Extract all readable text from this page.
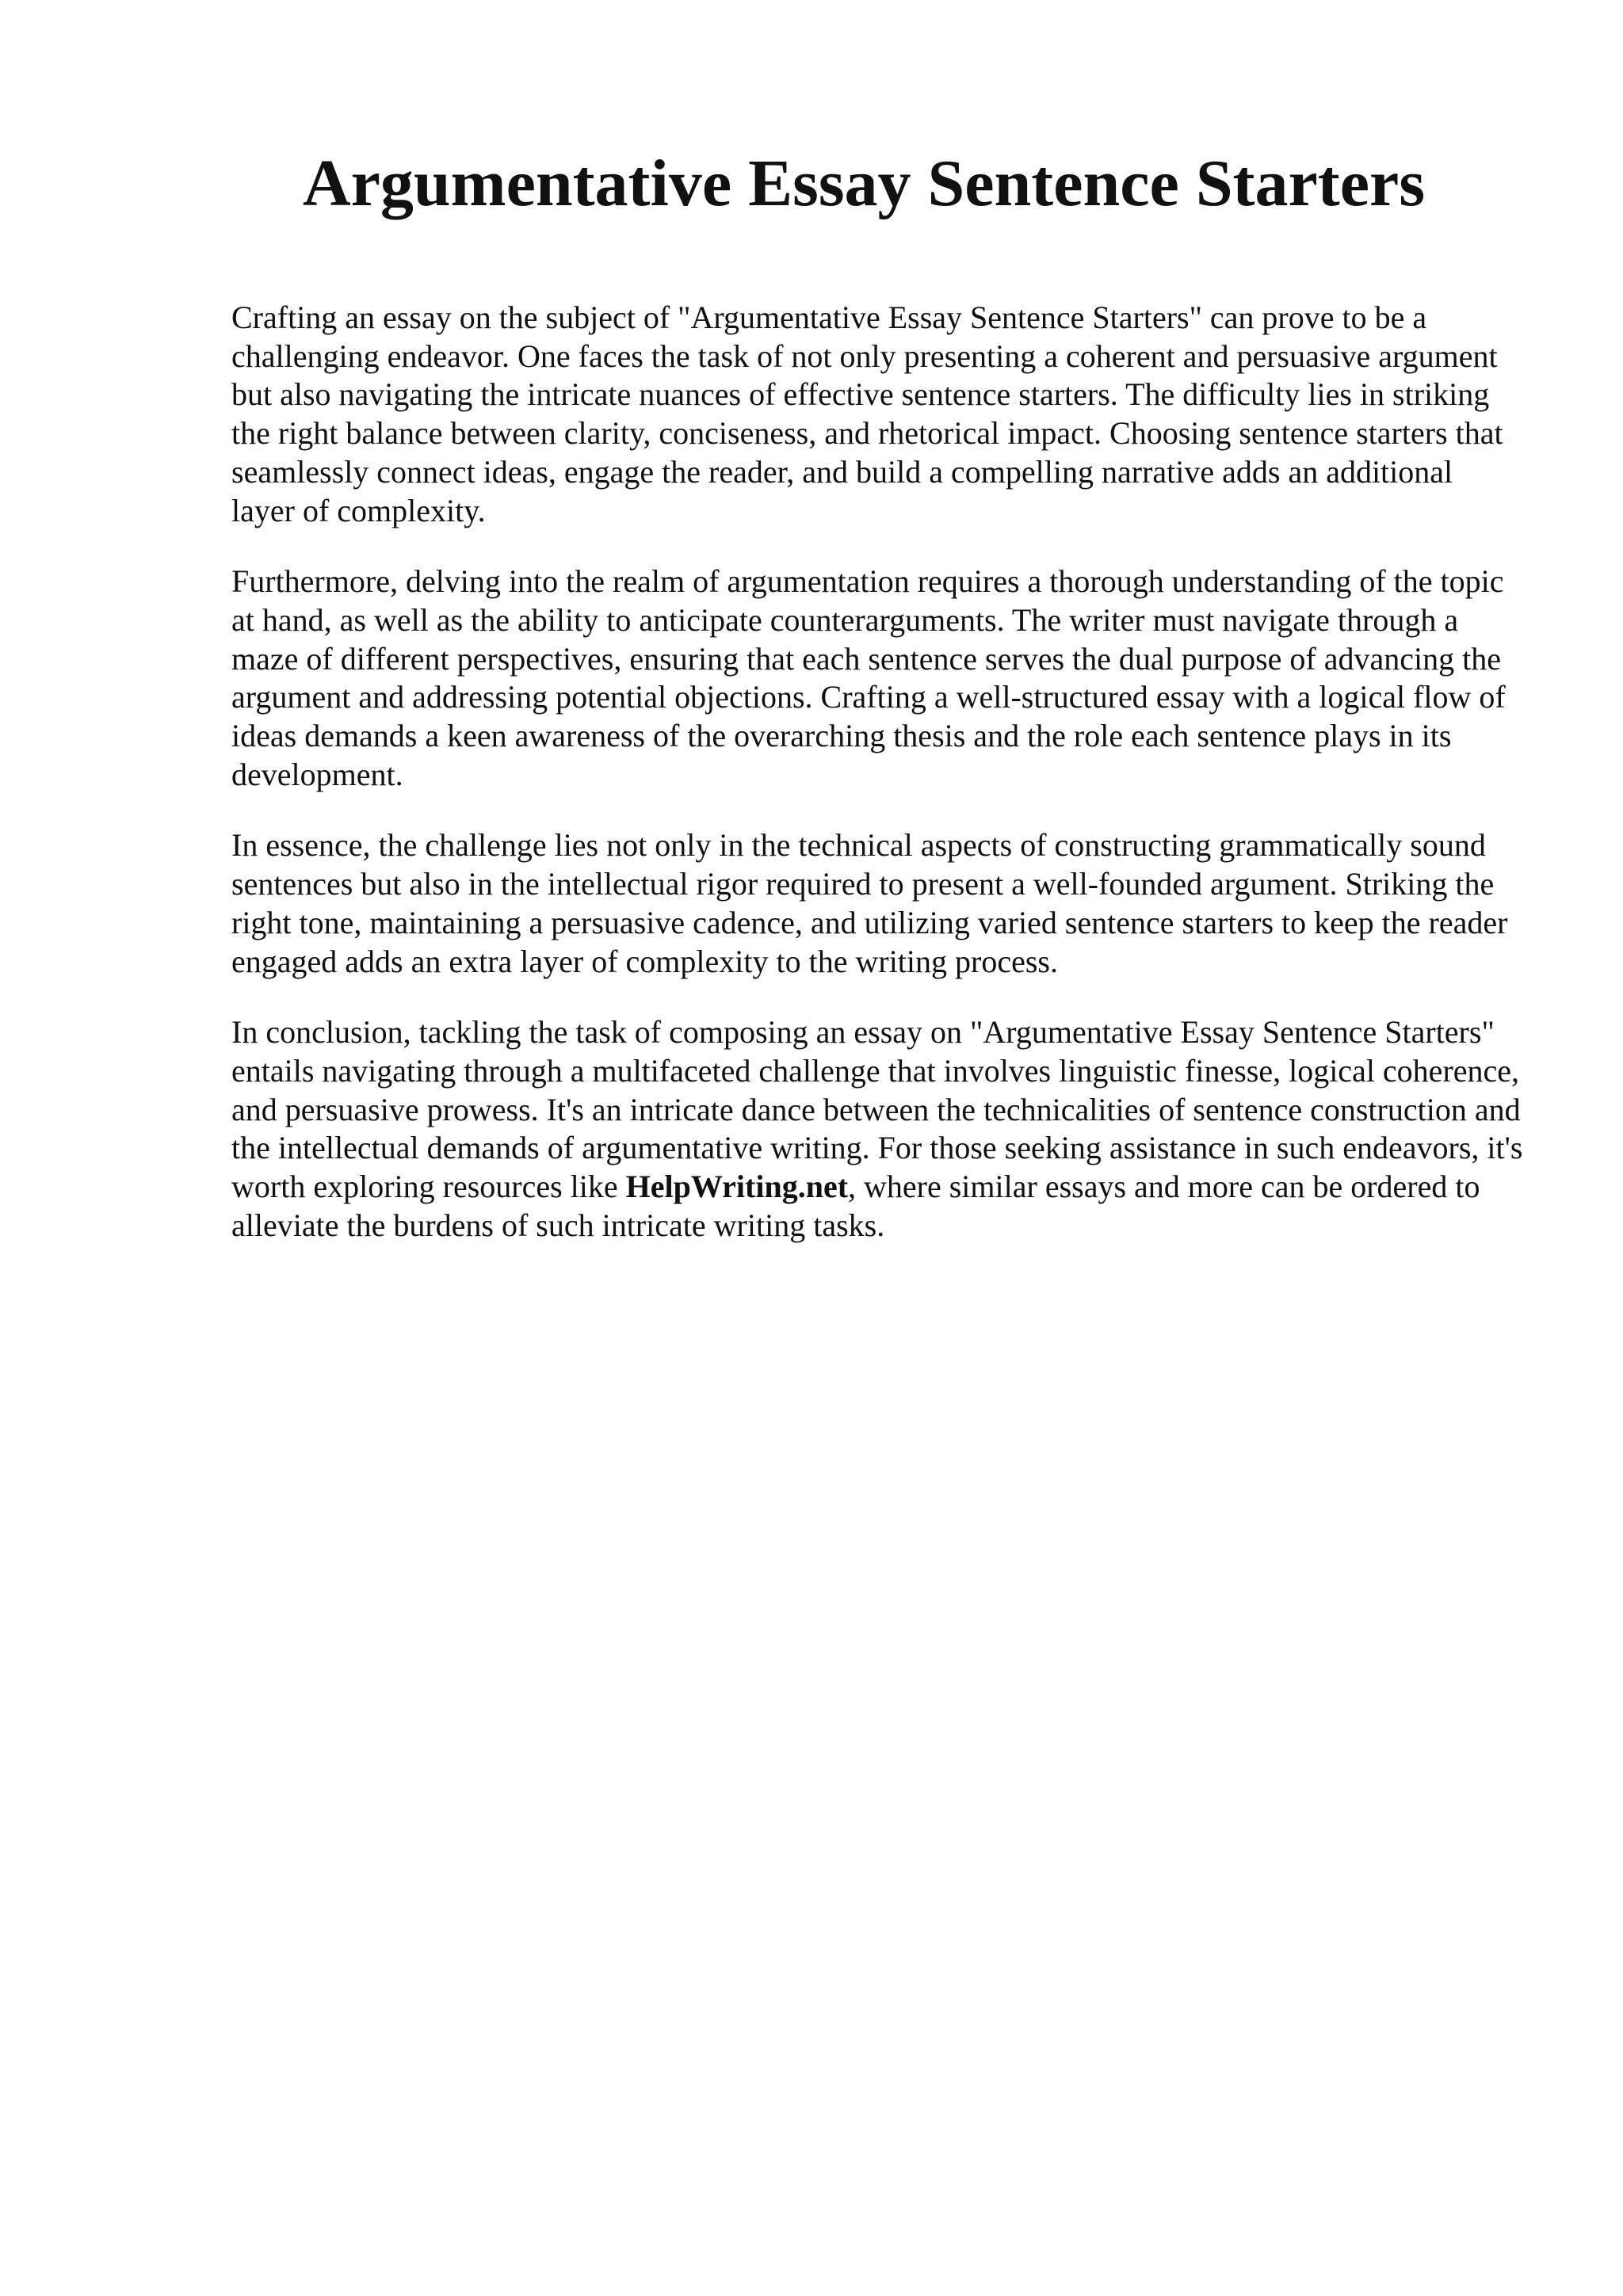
Argumentative Essay Sentence Starters

Crafting an essay on the subject of "Argumentative Essay Sentence Starters" can prove to be a challenging endeavor. One faces the task of not only presenting a coherent and persuasive argument but also navigating the intricate nuances of effective sentence starters. The difficulty lies in striking the right balance between clarity, conciseness, and rhetorical impact. Choosing sentence starters that seamlessly connect ideas, engage the reader, and build a compelling narrative adds an additional layer of complexity.

Furthermore, delving into the realm of argumentation requires a thorough understanding of the topic at hand, as well as the ability to anticipate counterarguments. The writer must navigate through a maze of different perspectives, ensuring that each sentence serves the dual purpose of advancing the argument and addressing potential objections. Crafting a well-structured essay with a logical flow of ideas demands a keen awareness of the overarching thesis and the role each sentence plays in its development.

In essence, the challenge lies not only in the technical aspects of constructing grammatically sound sentences but also in the intellectual rigor required to present a well-founded argument. Striking the right tone, maintaining a persuasive cadence, and utilizing varied sentence starters to keep the reader engaged adds an extra layer of complexity to the writing process.

In conclusion, tackling the task of composing an essay on "Argumentative Essay Sentence Starters" entails navigating through a multifaceted challenge that involves linguistic finesse, logical coherence, and persuasive prowess. It's an intricate dance between the technicalities of sentence construction and the intellectual demands of argumentative writing. For those seeking assistance in such endeavors, it's worth exploring resources like HelpWriting.net, where similar essays and more can be ordered to alleviate the burdens of such intricate writing tasks.
